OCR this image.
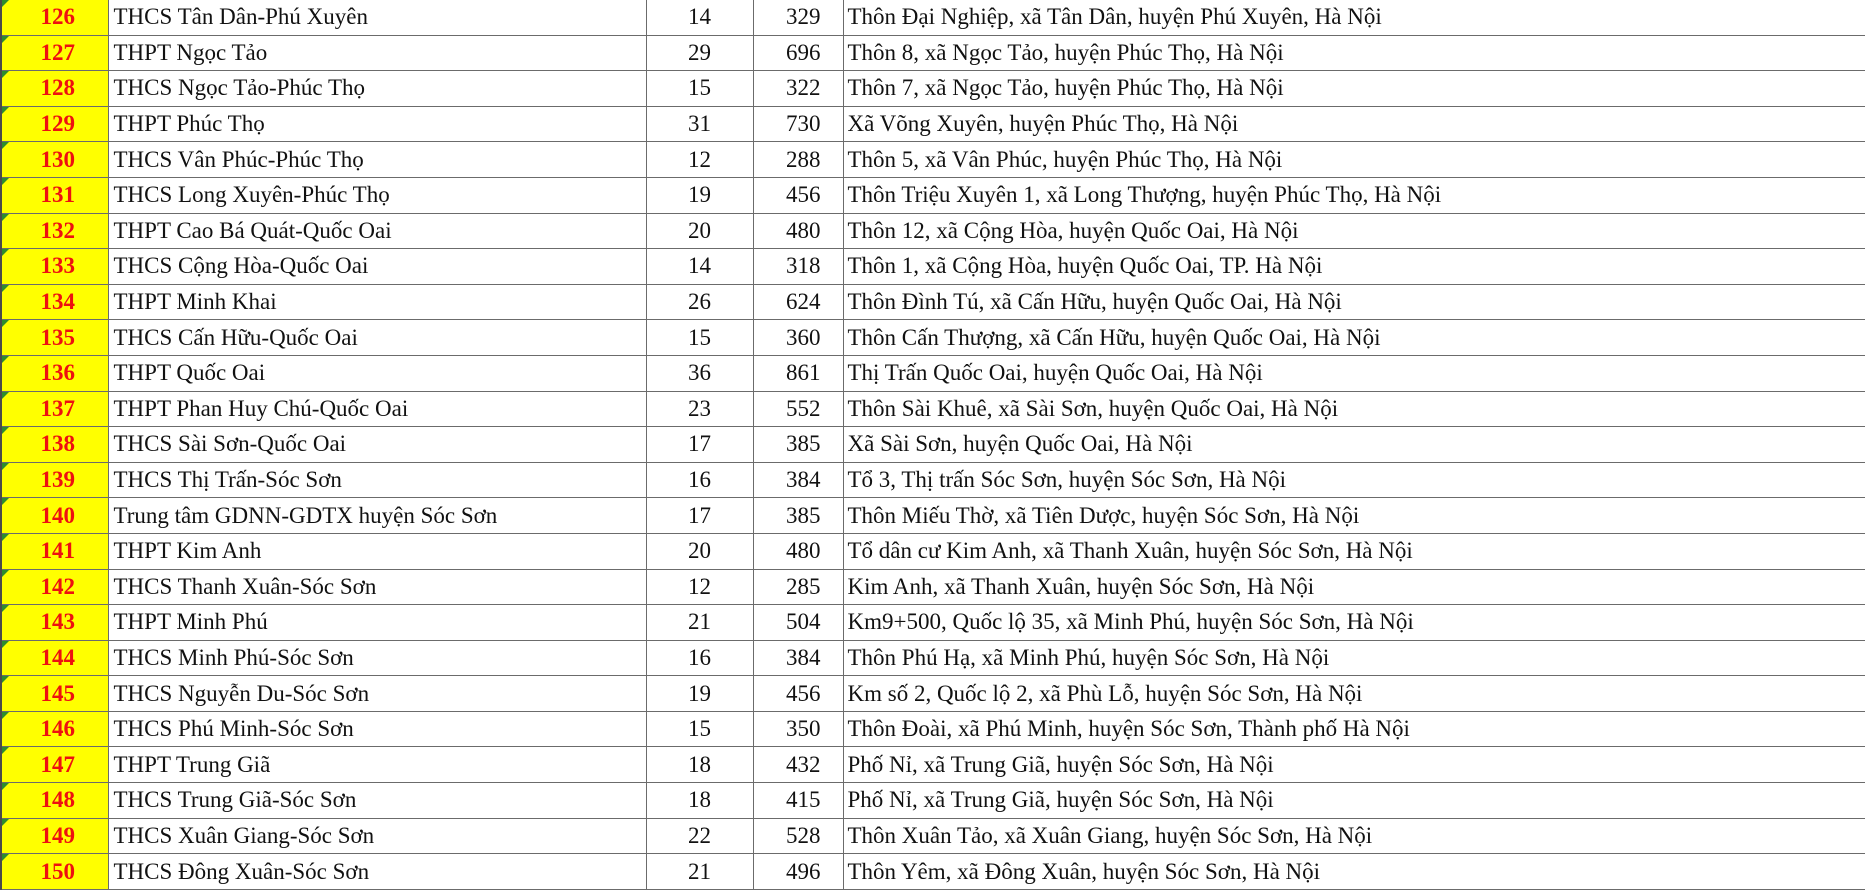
126	THCS Tân Dân-Phú Xuyên	14	329	Thôn Đại Nghiệp, xã Tân Dân, huyện Phú Xuyên, Hà Nội
127	THPT Ngọc Tảo	29	696	Thôn 8, xã Ngọc Tảo, huyện Phúc Thọ, Hà Nội
128	THCS Ngọc Tảo-Phúc Thọ	15	322	Thôn 7, xã Ngọc Tảo, huyện Phúc Thọ, Hà Nội
129	THPT Phúc Thọ	31	730	Xã Võng Xuyên, huyện Phúc Thọ, Hà Nội
130	THCS Vân Phúc-Phúc Thọ	12	288	Thôn 5, xã Vân Phúc, huyện Phúc Thọ, Hà Nội
131	THCS Long Xuyên-Phúc Thọ	19	456	Thôn Triệu Xuyên 1, xã Long Thượng, huyện Phúc Thọ, Hà Nội
132	THPT Cao Bá Quát-Quốc Oai	20	480	Thôn 12, xã Cộng Hòa, huyện Quốc Oai, Hà Nội
133	THCS Cộng Hòa-Quốc Oai	14	318	Thôn 1, xã Cộng Hòa, huyện Quốc Oai, TP. Hà Nội
134	THPT Minh Khai	26	624	Thôn Đình Tú, xã Cấn Hữu, huyện Quốc Oai, Hà Nội
135	THCS Cấn Hữu-Quốc Oai	15	360	Thôn Cấn Thượng, xã Cấn Hữu, huyện Quốc Oai, Hà Nội
136	THPT Quốc Oai	36	861	Thị Trấn Quốc Oai, huyện Quốc Oai, Hà Nội
137	THPT Phan Huy Chú-Quốc Oai	23	552	Thôn Sài Khuê, xã Sài Sơn, huyện Quốc Oai, Hà Nội
138	THCS Sài Sơn-Quốc Oai	17	385	Xã Sài Sơn, huyện Quốc Oai, Hà Nội
139	THCS Thị Trấn-Sóc Sơn	16	384	Tổ 3, Thị trấn Sóc Sơn, huyện Sóc Sơn, Hà Nội
140	Trung tâm GDNN-GDTX huyện Sóc Sơn	17	385	Thôn Miếu Thờ, xã Tiên Dược, huyện Sóc Sơn, Hà Nội
141	THPT Kim Anh	20	480	Tổ dân cư Kim Anh, xã Thanh Xuân, huyện Sóc Sơn, Hà Nội
142	THCS Thanh Xuân-Sóc Sơn	12	285	Kim Anh, xã Thanh Xuân, huyện Sóc Sơn, Hà Nội
143	THPT Minh Phú	21	504	Km9+500, Quốc lộ 35, xã Minh Phú, huyện Sóc Sơn, Hà Nội
144	THCS Minh Phú-Sóc Sơn	16	384	Thôn Phú Hạ, xã Minh Phú, huyện Sóc Sơn, Hà Nội
145	THCS Nguyễn Du-Sóc Sơn	19	456	Km số 2, Quốc lộ 2, xã Phù Lỗ, huyện Sóc Sơn, Hà Nội
146	THCS Phú Minh-Sóc Sơn	15	350	Thôn Đoài, xã Phú Minh, huyện Sóc Sơn, Thành phố Hà Nội
147	THPT Trung Giã	18	432	Phố Nỉ, xã Trung Giã, huyện Sóc Sơn, Hà Nội
148	THCS Trung Giã-Sóc Sơn	18	415	Phố Nỉ, xã Trung Giã, huyện Sóc Sơn, Hà Nội
149	THCS Xuân Giang-Sóc Sơn	22	528	Thôn Xuân Tảo, xã Xuân Giang, huyện Sóc Sơn, Hà Nội
150	THCS Đông Xuân-Sóc Sơn	21	496	Thôn Yêm, xã Đông Xuân, huyện Sóc Sơn, Hà Nội
